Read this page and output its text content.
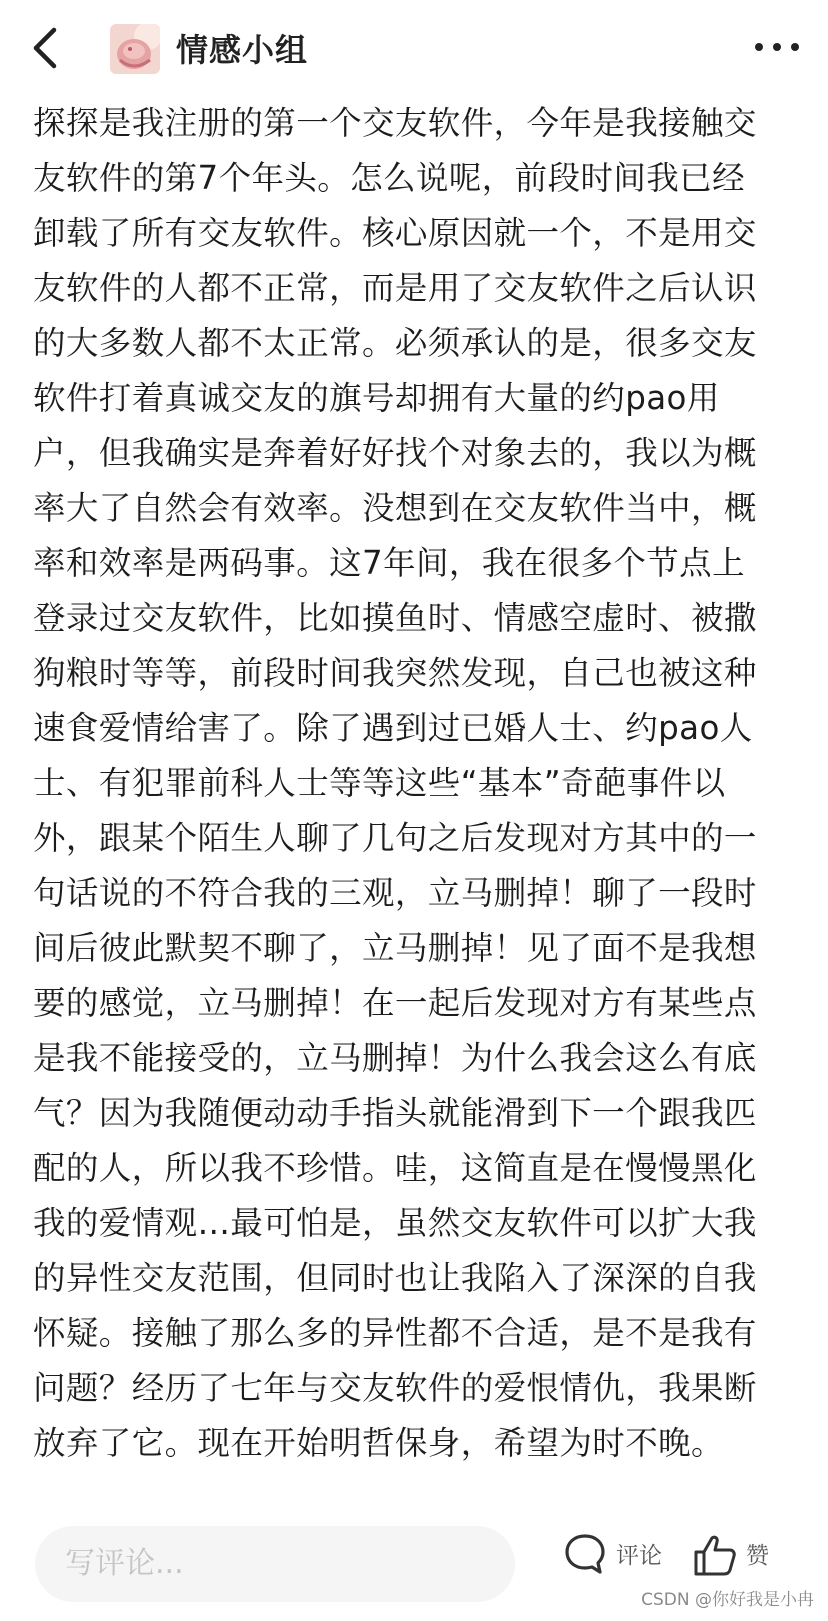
情感小组
探探是我注册的第一个交友软件，今年是我接触交
友软件的第7个年头。怎么说呢，前段时间我已经
卸载了所有交友软件。核心原因就一个，不是用交
友软件的人都不正常，而是用了交友软件之后认识
的大多数人都不太正常。必须承认的是，很多交友
软件打着真诚交友的旗号却拥有大量的约pao用
户，但我确实是奔着好好找个对象去的，我以为概
率大了自然会有效率。没想到在交友软件当中，概
率和效率是两码事。这7年间，我在很多个节点上
登录过交友软件，比如摸鱼时、情感空虚时、被撒
狗粮时等等，前段时间我突然发现，自己也被这种
速食爱情给害了。除了遇到过已婚人士、约pao人
士、有犯罪前科人士等等这些“基本”奇葩事件以
外，跟某个陌生人聊了几句之后发现对方其中的一
句话说的不符合我的三观，立马删掉！聊了一段时
间后彼此默契不聊了，立马删掉！见了面不是我想
要的感觉，立马删掉！在一起后发现对方有某些点
是我不能接受的，立马删掉！为什么我会这么有底
气？因为我随便动动手指头就能滑到下一个跟我匹
配的人，所以我不珍惜。哇，这简直是在慢慢黑化
我的爱情观…最可怕是，虽然交友软件可以扩大我
的异性交友范围，但同时也让我陷入了深深的自我
怀疑。接触了那么多的异性都不合适，是不是我有
问题？经历了七年与交友软件的爱恨情仇，我果断
放弃了它。现在开始明哲保身，希望为时不晚。
写评论...	评论	赞
CSDN @你好我是小冉
